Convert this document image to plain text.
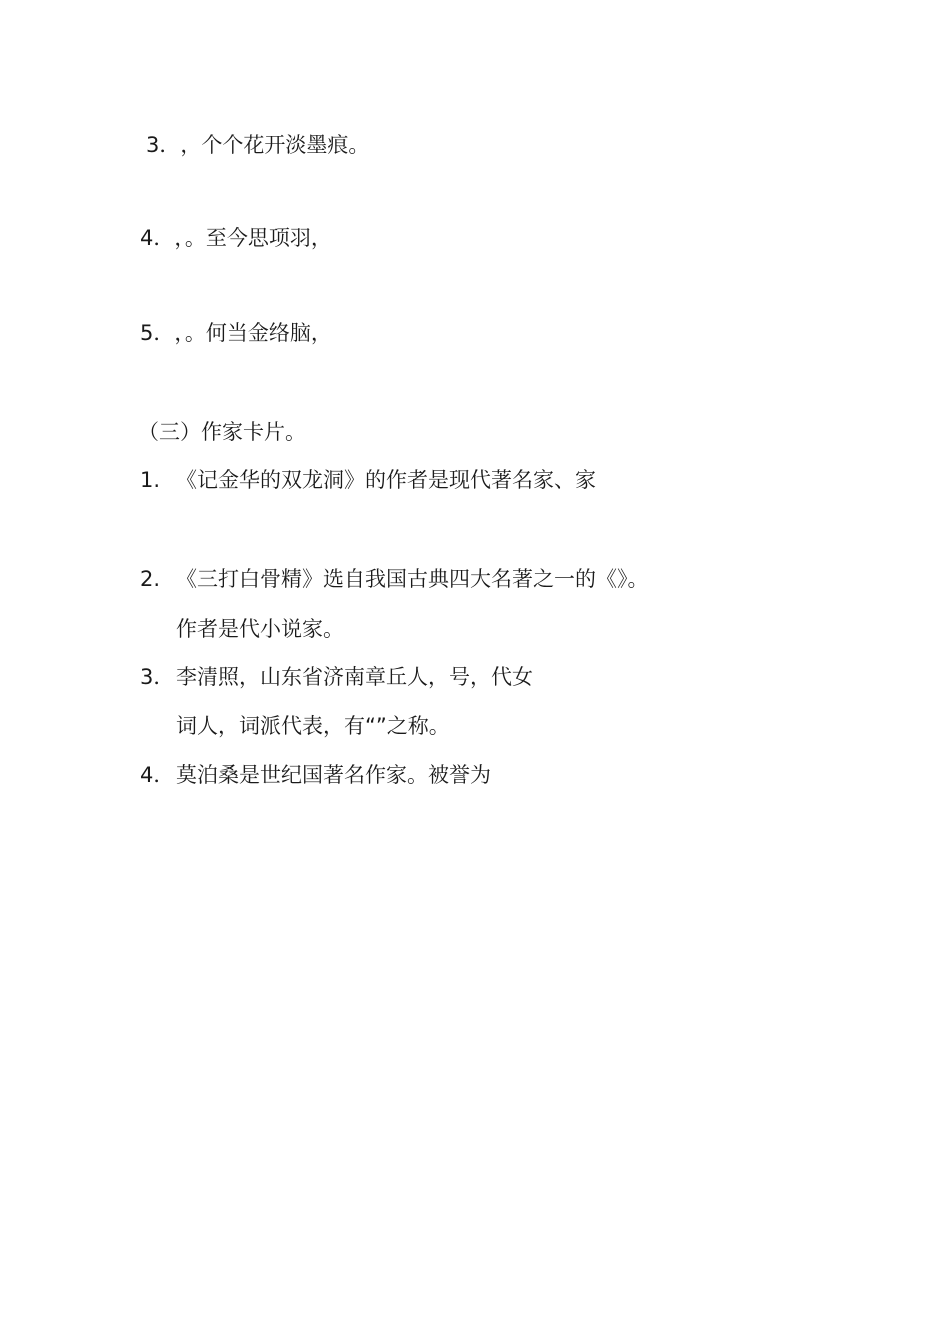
3．，个个花开淡墨痕。
4．，。至今思项羽，
5．，。何当金络脑，
（三）作家卡片。
1. 《记金华的双龙洞》的作者是现代著名家、家
2. 《三打白骨精》选自我国古典四大名著之一的《》。
作者是代小说家。
3．李清照，山东省济南章丘人，号，代女
词人，词派代表，有“”之称。
4．莫泊桑是世纪国著名作家。被誉为
